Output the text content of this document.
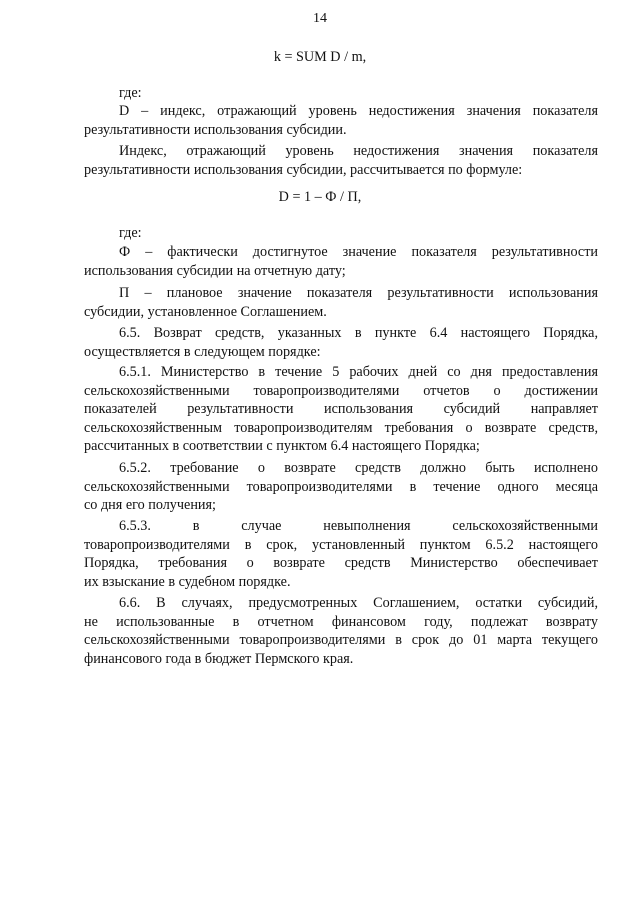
14
k = SUM D / m,
где:
D – индекс, отражающий уровень недостижения значения показателя
результативности использования субсидии.
Индекс, отражающий уровень недостижения значения показателя
результативности использования субсидии, рассчитывается по формуле:
D = 1 – Ф / П,
где:
Ф – фактически достигнутое значение показателя результативности
использования субсидии на отчетную дату;
П – плановое значение показателя результативности использования
субсидии, установленное Соглашением.
6.5. Возврат средств, указанных в пункте 6.4 настоящего Порядка,
осуществляется в следующем порядке:
6.5.1. Министерство в течение 5 рабочих дней со дня предоставления
сельскохозяйственными товаропроизводителями отчетов о достижении
показателей результативности использования субсидий направляет
сельскохозяйственным товаропроизводителям требования о возврате средств,
рассчитанных в соответствии с пунктом 6.4 настоящего Порядка;
6.5.2. требование о возврате средств должно быть исполнено
сельскохозяйственными товаропроизводителями в течение одного месяца
со дня его получения;
6.5.3. в случае невыполнения сельскохозяйственными
товаропроизводителями в срок, установленный пунктом 6.5.2 настоящего
Порядка, требования о возврате средств Министерство обеспечивает
их взыскание в судебном порядке.
6.6. В случаях, предусмотренных Соглашением, остатки субсидий,
не использованные в отчетном финансовом году, подлежат возврату
сельскохозяйственными товаропроизводителями в срок до 01 марта текущего
финансового года в бюджет Пермского края.
